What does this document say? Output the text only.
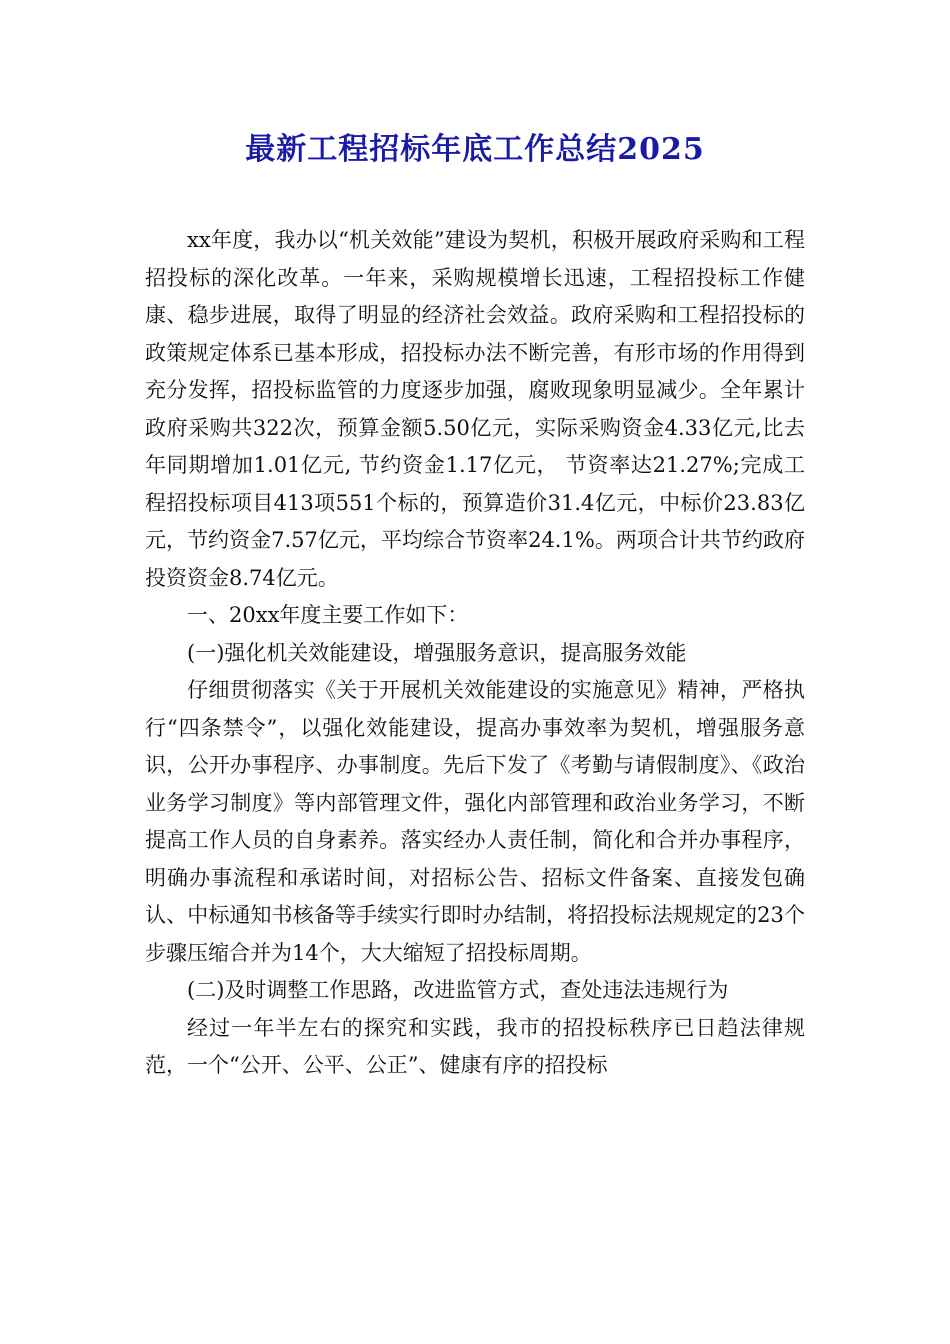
最新工程招标年底工作总结2025

xx年度，我办以“机关效能”建设为契机，积极开展政府采购和工程招投标的深化改革。一年来，采购规模增长迅速，工程招投标工作健康、稳步进展，取得了明显的经济社会效益。政府采购和工程招投标的政策规定体系已基本形成，招投标办法不断完善，有形市场的作用得到充分发挥，招投标监管的力度逐步加强，腐败现象明显减少。全年累计政府采购共322次，预算金额5.50亿元，实际采购资金4.33亿元,比去年同期增加1.01亿元, 节约资金1.17亿元， 节资率达21.27%;完成工程招投标项目413项551个标的，预算造价31.4亿元，中标价23.83亿元，节约资金7.57亿元，平均综合节资率24.1%。两项合计共节约政府投资资金8.74亿元。

一、20xx年度主要工作如下：

(一)强化机关效能建设，增强服务意识，提高服务效能

仔细贯彻落实《关于开展机关效能建设的实施意见》精神，严格执行“四条禁令”，以强化效能建设，提高办事效率为契机，增强服务意识，公开办事程序、办事制度。先后下发了《考勤与请假制度》、《政治业务学习制度》等内部管理文件，强化内部管理和政治业务学习，不断提高工作人员的自身素养。落实经办人责任制，简化和合并办事程序，明确办事流程和承诺时间，对招标公告、招标文件备案、直接发包确认、中标通知书核备等手续实行即时办结制，将招投标法规规定的23个步骤压缩合并为14个，大大缩短了招投标周期。

(二)及时调整工作思路，改进监管方式，查处违法违规行为

经过一年半左右的探究和实践，我市的招投标秩序已日趋法律规范，一个“公开、公平、公正”、健康有序的招投标
